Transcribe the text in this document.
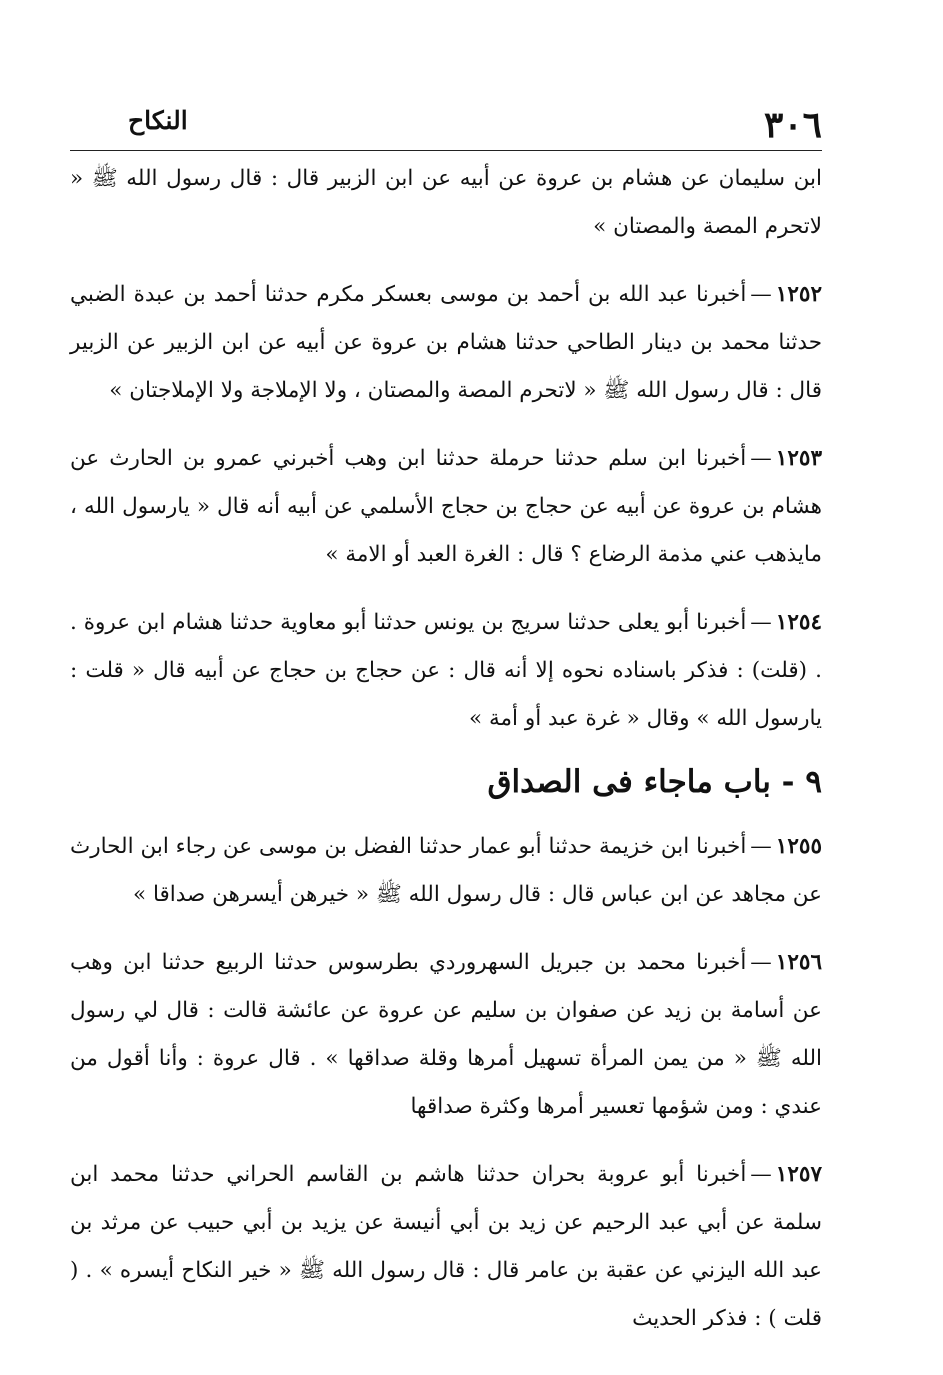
٣٠٦
النكاح

ابن سليمان عن هشام بن عروة عن أبيه عن ابن الزبير قال : قال رسول الله ﷺ « لاتحرم المصة والمصتان »

١٢٥٢—أخبرنا عبد الله بن أحمد بن موسى بعسكر مكرم حدثنا أحمد بن عبدة الضبي حدثنا محمد بن دينار الطاحي حدثنا هشام بن عروة عن أبيه عن ابن الزبير عن الزبير قال : قال رسول الله ﷺ « لاتحرم المصة والمصتان ، ولا الإملاجة ولا الإملاجتان »

١٢٥٣—أخبرنا ابن سلم حدثنا حرملة حدثنا ابن وهب أخبرني عمرو بن الحارث عن هشام بن عروة عن أبيه عن حجاج بن حجاج الأسلمي عن أبيه أنه قال « يارسول الله ، مايذهب عني مذمة الرضاع ؟ قال : الغرة العبد أو الامة »

١٢٥٤—أخبرنا أبو يعلى حدثنا سريج بن يونس حدثنا أبو معاوية حدثنا هشام ابن عروة . . (قلت) : فذكر باسناده نحوه إلا أنه قال : عن حجاج بن حجاج عن أبيه قال « قلت : يارسول الله » وقال « غرة عبد أو أمة »

٩ - باب ماجاء فى الصداق

١٢٥٥—أخبرنا ابن خزيمة حدثنا أبو عمار حدثنا الفضل بن موسى عن رجاء ابن الحارث عن مجاهد عن ابن عباس قال : قال رسول الله ﷺ « خيرهن أيسرهن صداقا »

١٢٥٦—أخبرنا محمد بن جبريل السهروردي بطرسوس حدثنا الربيع حدثنا ابن وهب عن أسامة بن زيد عن صفوان بن سليم عن عروة عن عائشة قالت : قال لي رسول الله ﷺ « من يمن المرأة تسهيل أمرها وقلة صداقها » . قال عروة : وأنا أقول من عندي : ومن شؤمها تعسير أمرها وكثرة صداقها

١٢٥٧—أخبرنا أبو عروبة بحران حدثنا هاشم بن القاسم الحراني حدثنا محمد ابن سلمة عن أبي عبد الرحيم عن زيد بن أبي أنيسة عن يزيد بن أبي حبيب عن مرثد بن عبد الله اليزني عن عقبة بن عامر قال : قال رسول الله ﷺ « خير النكاح أيسره » . ( قلت ) : فذكر الحديث
